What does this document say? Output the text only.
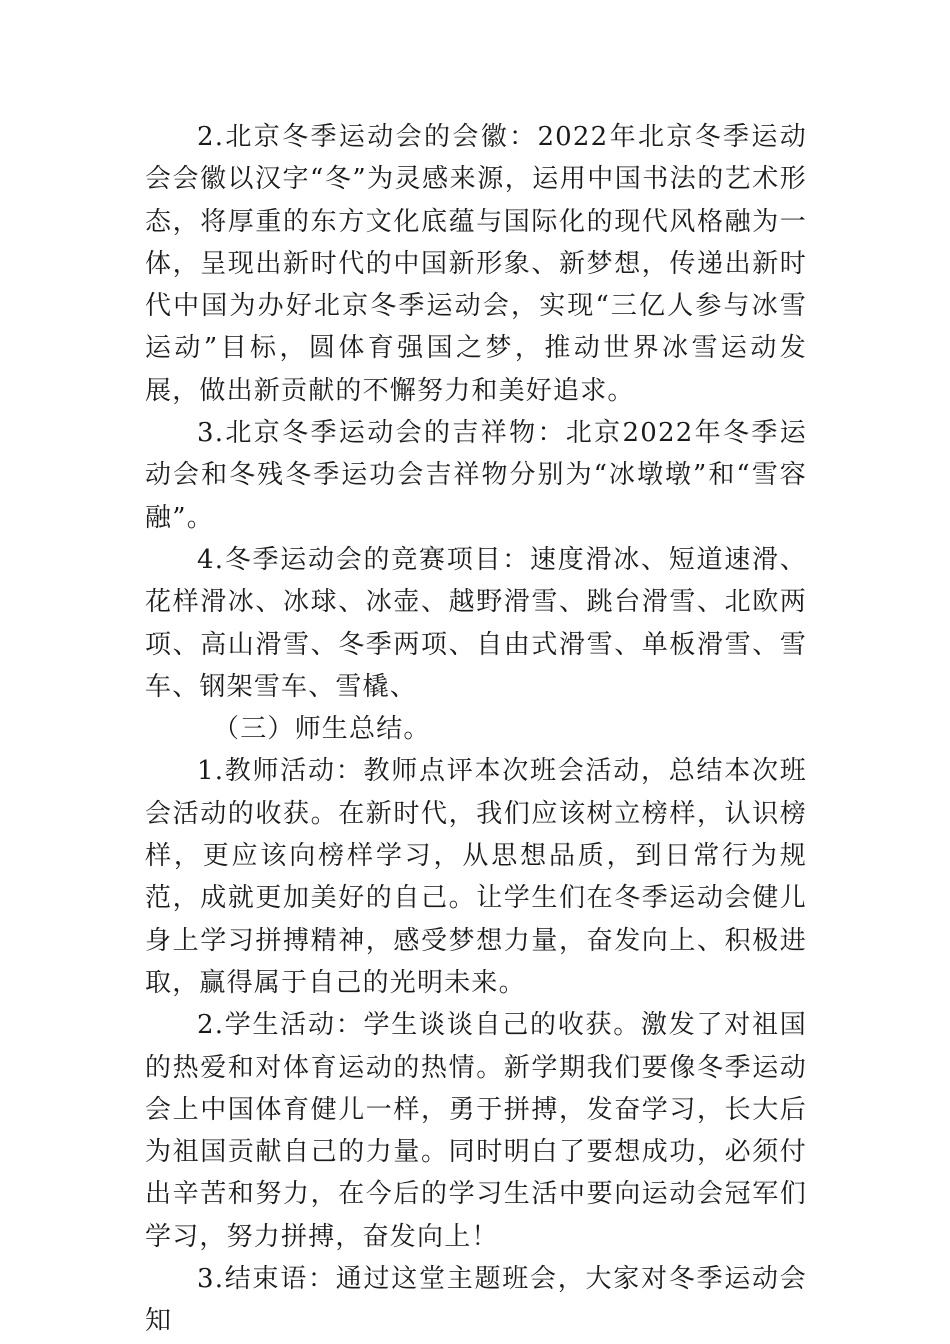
2.北京冬季运动会的会徽：2022年北京冬季运动会会徽以汉字“冬”为灵感来源，运用中国书法的艺术形态，将厚重的东方文化底蕴与国际化的现代风格融为一体，呈现出新时代的中国新形象、新梦想，传递出新时代中国为办好北京冬季运动会，实现“三亿人参与冰雪运动”目标，圆体育强国之梦，推动世界冰雪运动发展，做出新贡献的不懈努力和美好追求。

3.北京冬季运动会的吉祥物：北京2022年冬季运动会和冬残冬季运功会吉祥物分别为“冰墩墩”和“雪容融”。

4.冬季运动会的竞赛项目：速度滑冰、短道速滑、花样滑冰、冰球、冰壶、越野滑雪、跳台滑雪、北欧两项、高山滑雪、冬季两项、自由式滑雪、单板滑雪、雪车、钢架雪车、雪橇、

（三）师生总结。

1.教师活动：教师点评本次班会活动，总结本次班会活动的收获。在新时代，我们应该树立榜样，认识榜样，更应该向榜样学习，从思想品质，到日常行为规范，成就更加美好的自己。让学生们在冬季运动会健儿身上学习拼搏精神，感受梦想力量，奋发向上、积极进取，赢得属于自己的光明未来。

2.学生活动：学生谈谈自己的收获。激发了对祖国的热爱和对体育运动的热情。新学期我们要像冬季运动会上中国体育健儿一样，勇于拼搏，发奋学习，长大后为祖国贡献自己的力量。同时明白了要想成功，必须付出辛苦和努力，在今后的学习生活中要向运动会冠军们学习，努力拼搏，奋发向上！

3.结束语：通过这堂主题班会，大家对冬季运动会知
